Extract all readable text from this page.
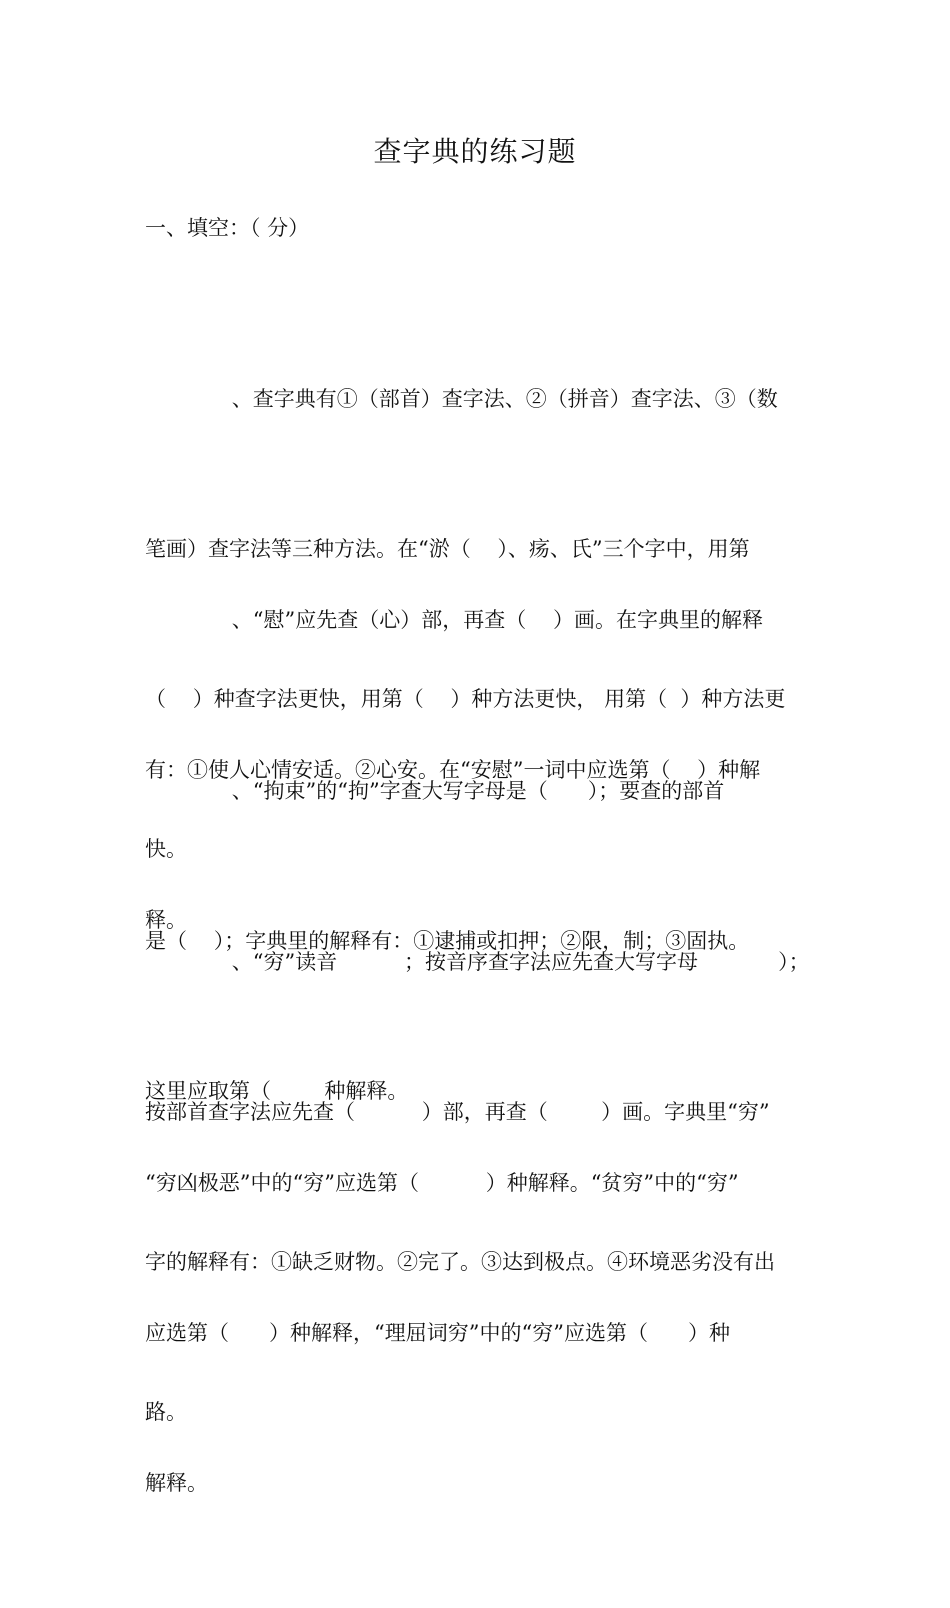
查字典的练习题
一、填空：（ 分）

、查字典有①（部首）查字法、②（拼音）查字法、③（数

笔画）查字法等三种方法。在“淤（    ）、疡、氏”三个字中，用第

（    ）种查字法更快，用第（    ）种方法更快， 用第（  ）种方法更

快。

、“慰”应先查（心）部，再查（    ）画。在字典里的解释

有：①使人心情安适。②心安。在“安慰”一词中应选第（    ）种解

释。

、“拘束”的“拘”字查大写字母是（      ）；要查的部首

是（    ）；字典里的解释有：①逮捕或扣押；②限，制；③固执。

这里应取第（        种解释。

、“穷”读音          ；按音序查字法应先查大写字母            ）；

按部首查字法应先查（          ）部，再查（        ）画。字典里“穷”

字的解释有：①缺乏财物。②完了。③达到极点。④环境恶劣没有出

路。

“穷凶极恶”中的“穷”应选第（          ）种解释。“贫穷”中的“穷”

应选第（      ）种解释，“理屈词穷”中的“穷”应选第（      ）种

解释。
